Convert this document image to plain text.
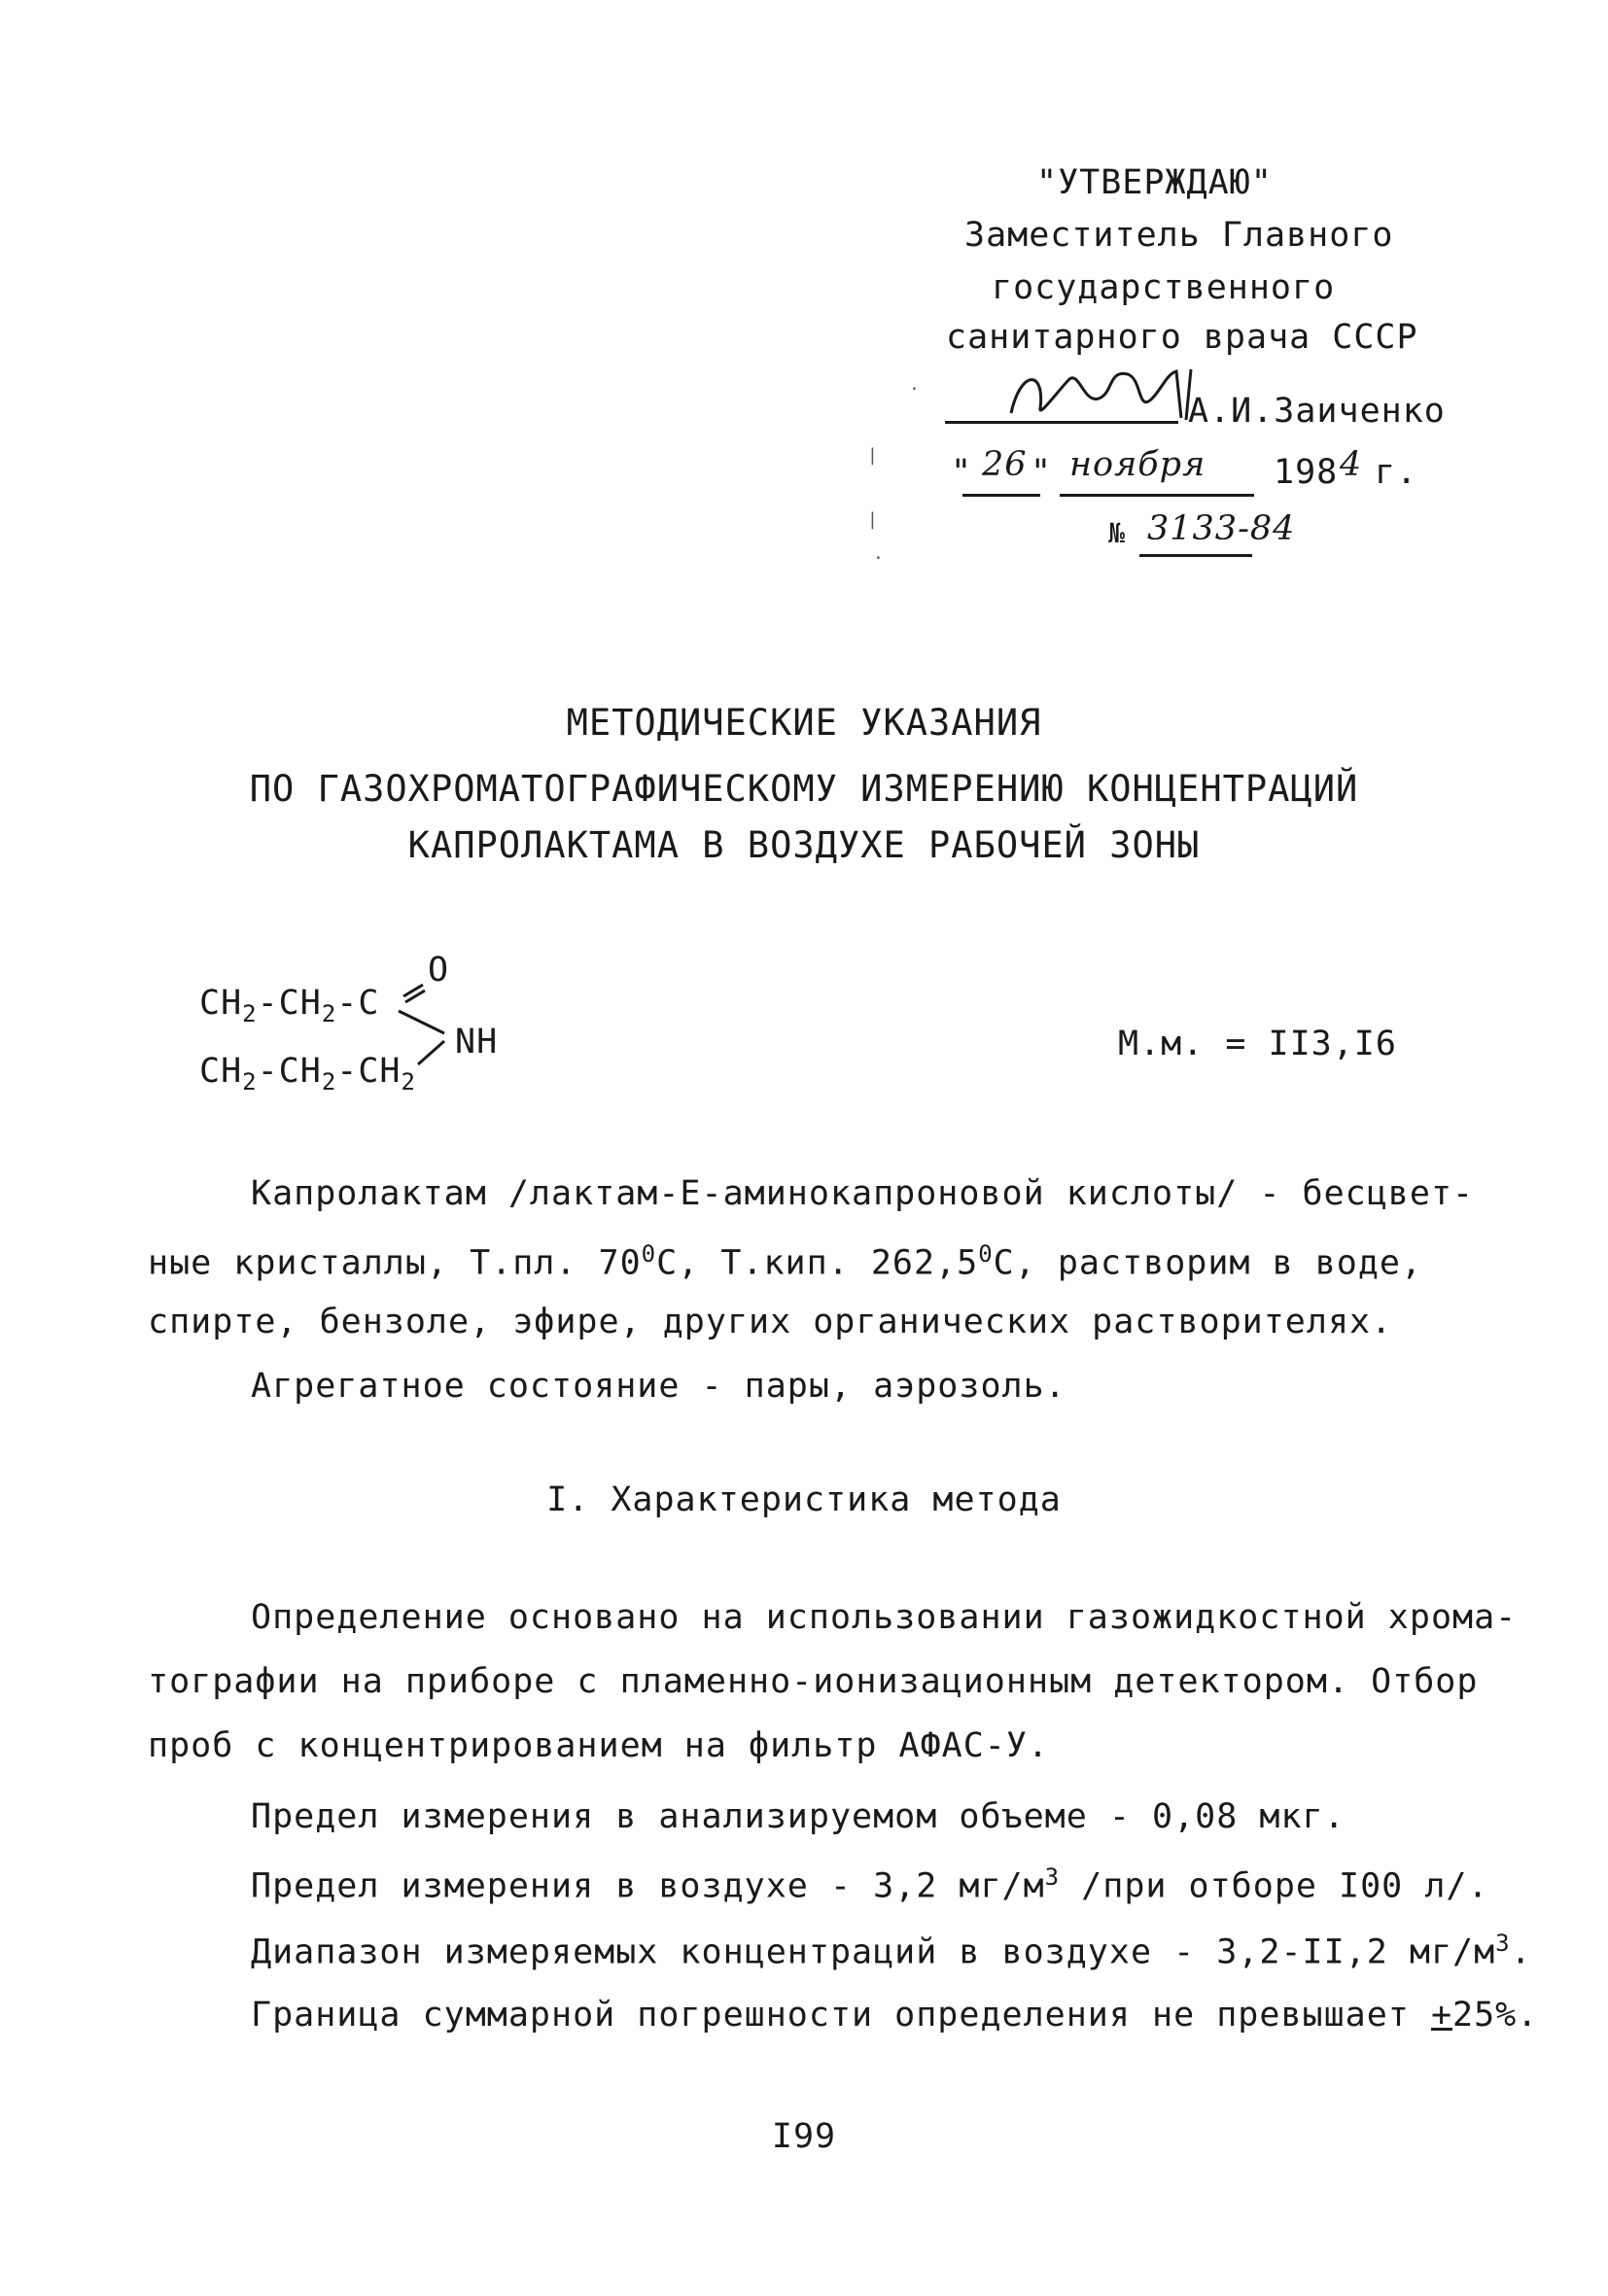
"УТВЕРЖДАЮ"
Заместитель Главного
государственного
санитарного врача СССР
А.И.Заиченко
" 26 " ноября 198 4 г.
№ 3133-84
·
|
|
·
МЕТОДИЧЕСКИЕ УКАЗАНИЯ
ПО ГАЗОХРОМАТОГРАФИЧЕСКОМУ ИЗМЕРЕНИЮ КОНЦЕНТРАЦИЙ
КАПРОЛАКТАМА В ВОЗДУХЕ РАБОЧЕЙ ЗОНЫ
O
$CH_2-CH_2-C$
NH
$CH_2-CH_2-CH_2$
М.м. = II3,I6
Капролактам /лактам-Е-аминокапроновой кислоты/ - бесцвет-
ные кристаллы, Т.пл. $70^0С$, Т.кип. 262,5$^0$С, растворим в воде,
спирте, бензоле, эфире, других органических растворителях.
Агрегатное состояние - пары, аэрозоль.
I. Характеристика метода
Определение основано на использовании газожидкостной хрома-
тографии на приборе с пламенно-ионизационным детектором. Отбор
проб с концентрированием на фильтр АФАС-У.
Предел измерения в анализируемом объеме - 0,08 мкг.
Предел измерения в воздухе - 3,2 $мг/м^3$ /при отборе I00 л/.
Диапазон измеряемых концентраций в воздухе - 3,2-II,2 $мг/м^3$.
Граница суммарной погрешности определения не превышает +25%.
I99
